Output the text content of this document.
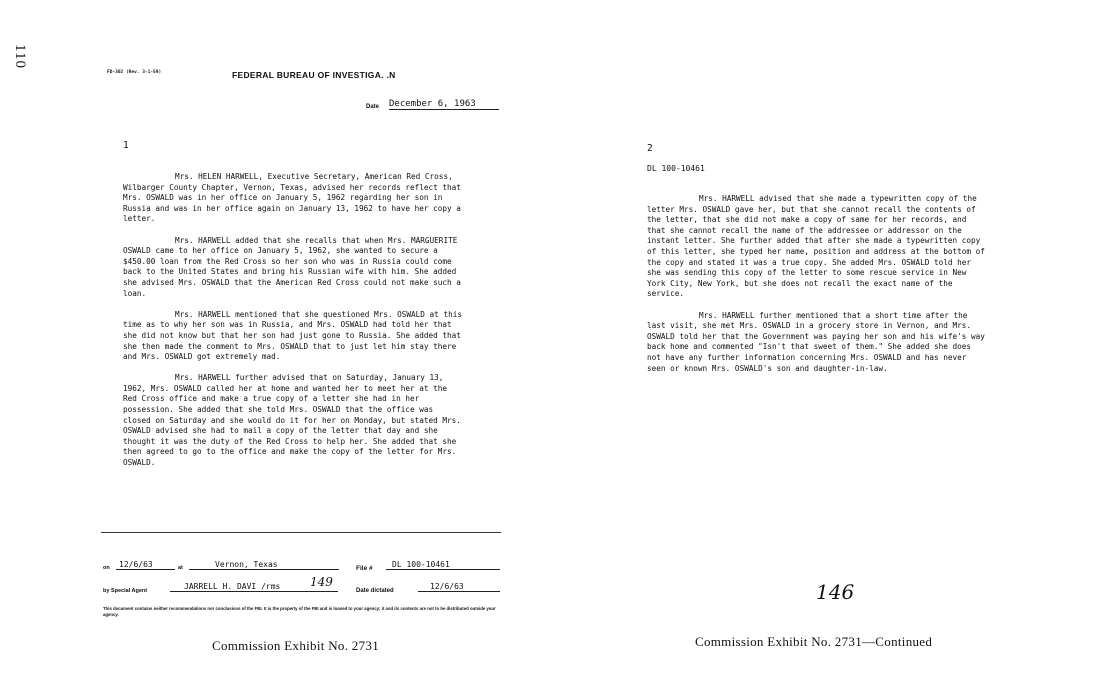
110
FD-302 (Rev. 3-1-59)	FEDERAL BUREAU OF INVESTIGA. .N
Date December 6, 1963
1

Mrs. HELEN HARWELL, Executive Secretary, American Red Cross, Wilbarger County Chapter, Vernon, Texas, advised her records reflect that Mrs. OSWALD was in her office on January 5, 1962 regarding her son in Russia and was in her office again on January 13, 1962 to have her copy a letter.

Mrs. HARWELL added that she recalls that when Mrs. MARGUERITE OSWALD came to her office on January 5, 1962, she wanted to secure a $450.00 loan from the Red Cross so her son who was in Russia could come back to the United States and bring his Russian wife with him. She added she advised Mrs. OSWALD that the American Red Cross could not make such a loan.

Mrs. HARWELL mentioned that she questioned Mrs. OSWALD at this time as to why her son was in Russia, and Mrs. OSWALD had told her that she did not know but that her son had just gone to Russia. She added that she then made the comment to Mrs. OSWALD that to just let him stay there and Mrs. OSWALD got extremely mad.

Mrs. HARWELL further advised that on Saturday, January 13, 1962, Mrs. OSWALD called her at home and wanted her to meet her at the Red Cross office and make a true copy of a letter she had in her possession. She added that she told Mrs. OSWALD that the office was closed on Saturday and she would do it for her on Monday, but stated Mrs. OSWALD advised she had to mail a copy of the letter that day and she thought it was the duty of the Red Cross to help her. She added that she then agreed to go to the office and make the copy of the letter for Mrs. OSWALD.

on	12/6/63	at	Vernon, Texas	File #	DL 100-10461
by Special Agent	JARRELL H. DAVI /rms	149
Date dictated	12/6/63
This document contains neither recommendations nor conclusions of the FBI. It is the property of the FBI and is loaned to your agency; it and its contents are not to be distributed outside your agency.
Commission Exhibit No. 2731
2
DL 100-10461

Mrs. HARWELL advised that she made a typewritten copy of the letter Mrs. OSWALD gave her, but that she cannot recall the contents of the letter, that she did not make a copy of same for her records, and that she cannot recall the name of the addressee or addressor on the instant letter. She further added that after she made a typewritten copy of this letter, she typed her name, position and address at the bottom of the copy and stated it was a true copy. She added Mrs. OSWALD told her she was sending this copy of the letter to some rescue service in New York City, New York, but she does not recall the exact name of the service.

Mrs. HARWELL further mentioned that a short time after the last visit, she met Mrs. OSWALD in a grocery store in Vernon, and Mrs. OSWALD told her that the Government was paying her son and his wife's way back home and commented "Isn't that sweet of them." She added she does not have any further information concerning Mrs. OSWALD and has never seen or known Mrs. OSWALD's son and daughter-in-law.

146
Commission Exhibit No. 2731—Continued
